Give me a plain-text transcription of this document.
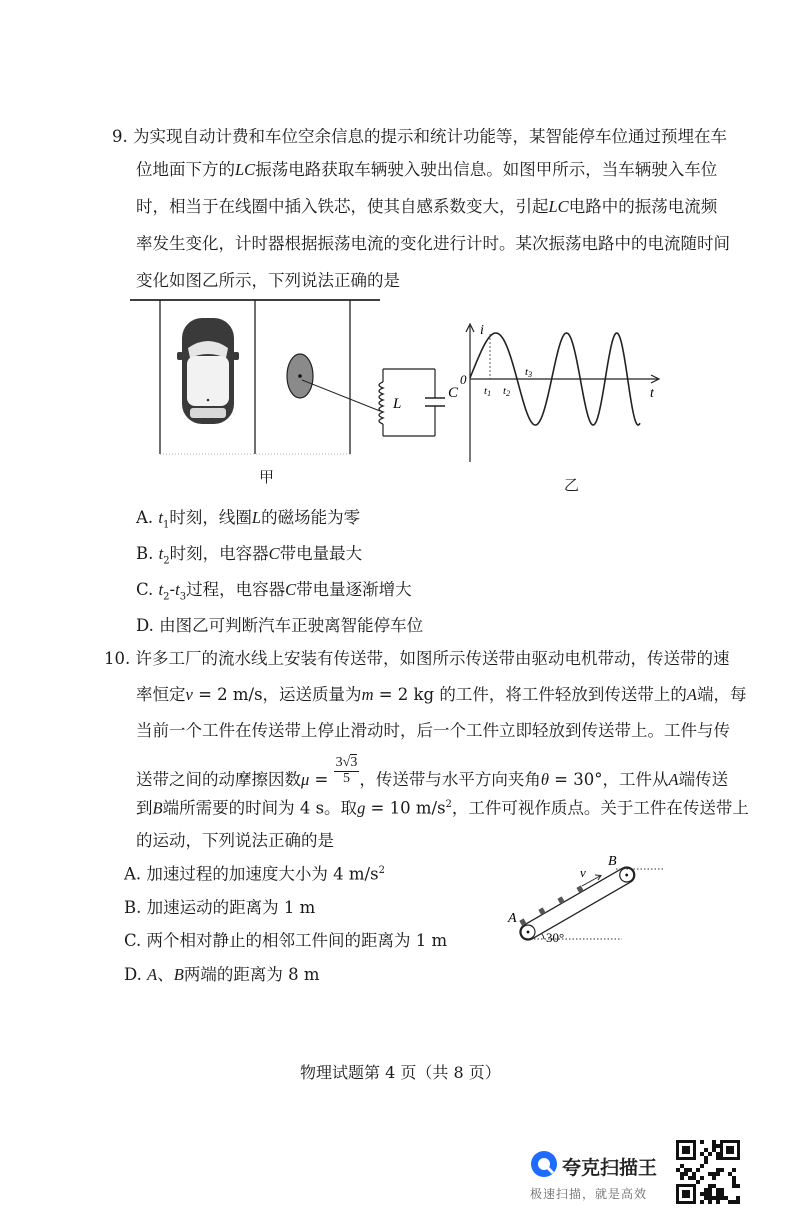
9. 为实现自动计费和车位空余信息的提示和统计功能等，某智能停车位通过预埋在车
位地面下方的LC振荡电路获取车辆驶入驶出信息。如图甲所示，当车辆驶入车位
时，相当于在线圈中插入铁芯，使其自感系数变大，引起LC电路中的振荡电流频
率发生变化，计时器根据振荡电流的变化进行计时。某次振荡电路中的电流随时间
变化如图乙所示，下列说法正确的是
L
C
甲
i
t
0
t1 t2
t3
乙
A. $t_1$时刻，线圈L的磁场能为零
B. $t_2$时刻，电容器C带电量最大
C. $t_2-t_3$过程，电容器C带电量逐渐增大
D. 由图乙可判断汽车正驶离智能停车位
10. 许多工厂的流水线上安装有传送带，如图所示传送带由驱动电机带动，传送带的速
率恒定v = 2 m/s，运送质量为m = 2 kg 的工件，将工件轻放到传送带上的A端，每
当前一个工件在传送带上停止滑动时，后一个工件立即轻放到传送带上。工件与传
送带之间的动摩擦因数$\mu = \frac{3√3}{5}$ ，传送带与水平方向夹角θ = 30°，工件从A端传送
到B端所需要的时间为 4 s。取g = 10 $m/s^2$，工件可视作质点。关于工件在传送带上
的运动，下列说法正确的是
A. 加速过程的加速度大小为 4 $m/s^2$
B. 加速运动的距离为 1 m
C. 两个相对静止的相邻工件间的距离为 1 m
D. A、B两端的距离为 8 m
A
B
v
30°
物理试题第 4 页（共 8 页）
夸克扫描王
极速扫描，就是高效
